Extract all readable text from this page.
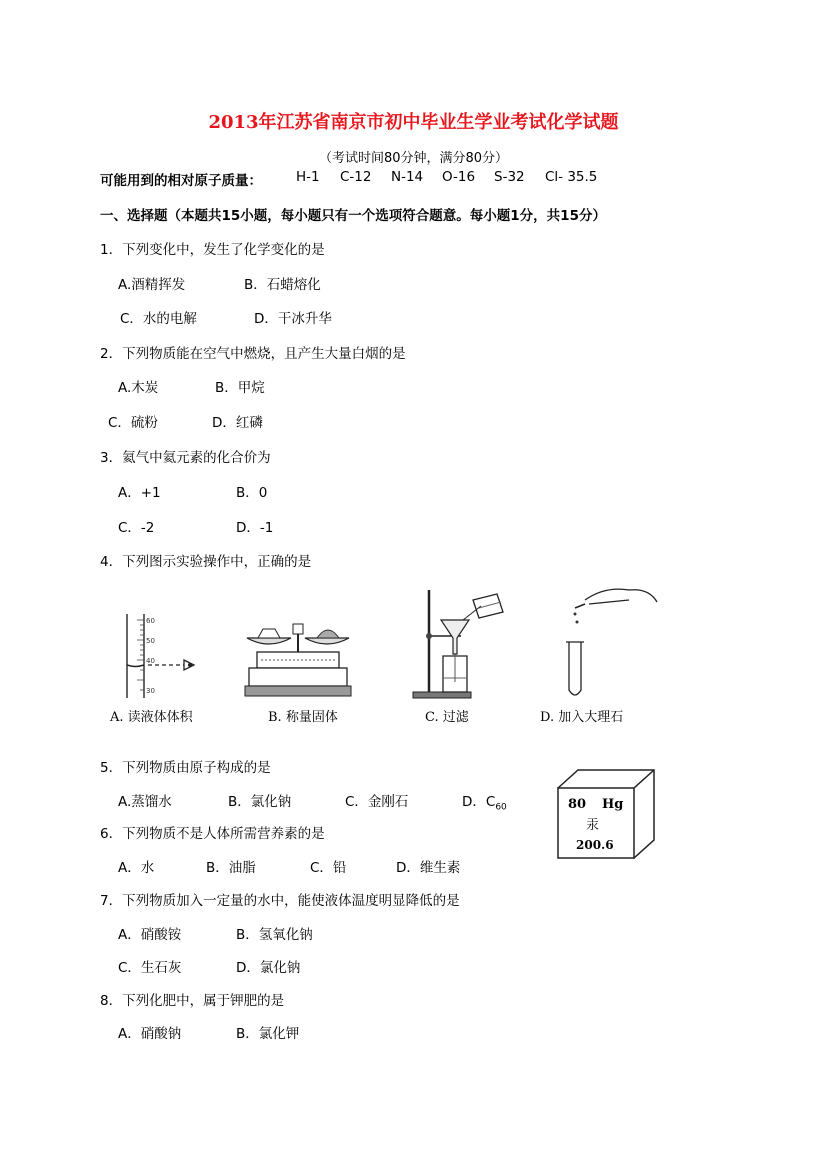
2013年江苏省南京市初中毕业生学业考试化学试题
（考试时间80分钟，满分80分）
可能用到的相对原子质量：	H-1 C-12 N-14 O-16 S-32 Cl- 35.5
一、选择题（本题共15小题，每小题只有一个选项符合题意。每小题1分，共15分）
1．下列变化中，发生了化学变化的是
A.酒精挥发	B．石蜡熔化
C．水的电解	D．干冰升华
2．下列物质能在空气中燃烧，且产生大量白烟的是
A.木炭	B．甲烷
C．硫粉	D．红磷
3．氦气中氦元素的化合价为
A．+1	B．0
C．-2	D．-1
4．下列图示实验操作中，正确的是
60
50
40
30
A. 读液体体积	B. 称量固体	C. 过滤	D. 加入大理石
5．下列物质由原子构成的是
A.蒸馏水	B．氯化钠	C．金刚石	D．$C_{60}$	80 Hg
汞
200.6
6．下列物质不是人体所需营养素的是
A．水	B．油脂	C．铅	D．维生素
7．下列物质加入一定量的水中，能使液体温度明显降低的是
A．硝酸铵	B．氢氧化钠
C．生石灰	D．氯化钠
8．下列化肥中，属于钾肥的是
A．硝酸钠	B．氯化钾
